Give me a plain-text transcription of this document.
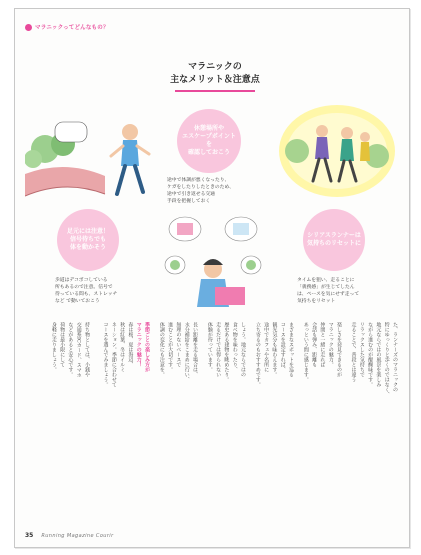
マラニックってどんなもの？
マラニックの
主なメリット＆注意点
休憩場所や
エスケープポイントを
確認しておこう
途中で体調が悪くなったり、
ケガをしたりしたときのため、
途中で引き返せる交通
手段を把握しておく
足元には注意！
信号待ちでも
体を動かそう
歩道はデコボコしている
所もあるので注意。信号で
待っている間も、ストレッチ
など で動いておこう
シリアスランナーは
気持ちのリセットに
タイムを狙い、走ることに
「義務感」が生じてしたん
は、ペースを気にせず走って
気持ちをリセット
た、ランナーズのマラニックの
特にゆっくりと歩くのではなく、
地元ならではの風景を楽しみ
ながら進むのが醍醐味です。
リラックスした気持ちで
走ることで、普段とは違う
楽しさを発見できるのが
マラニックの魅力。
仲間と一緒に走れば
会話も弾み、距離も
あっという間に感じます。
まざまなスポットを巡る
コースを設定すれば、
観光気分も味わえます。
途中でカフェや名所に
立ち寄るのもおすすめです。
しょう。地元ならではの
食べ物を味わったり、
歴史ある建物を眺めたり。
走るだけでは得られない
体験が待っています。
長い距離を走る場合は、
水分補給をこまめに行い、
無理のないペースで
進むことが大切です。
体調の変化にも注意を。
季節ごとの楽しみ方が
マラニックの魅力！
春は桜、夏は海辺、
秋は紅葉、冬はイルミ
ネーション。季節に合わせて
コースを選んでみましょう。
持ち物としては、小銭や
交通系ICカード、スマホ
などがあると安心です。
荷物は最小限にして
身軽に走りましょう。
35 Running Magazine Courir
